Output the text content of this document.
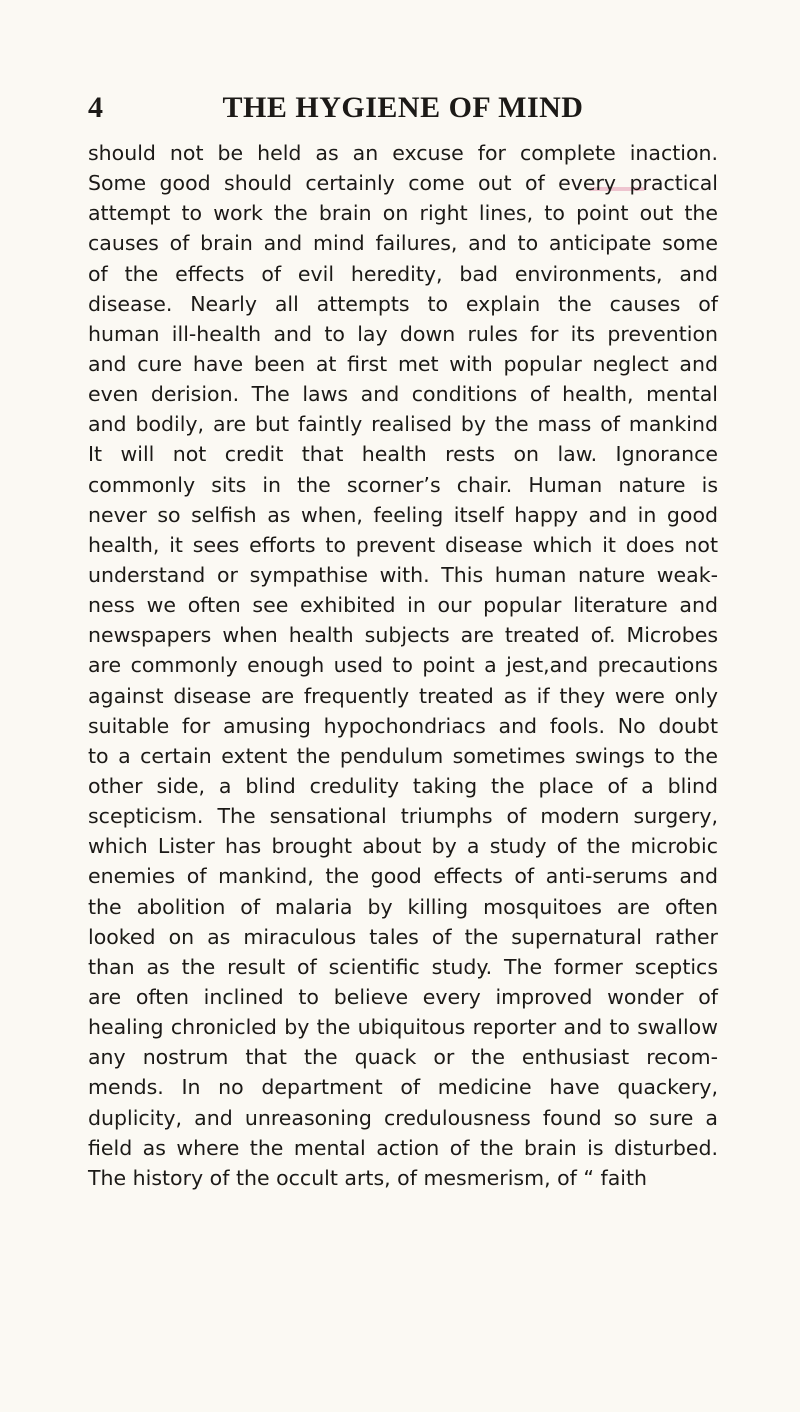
4	THE HYGIENE OF MIND
should not be held as an excuse for complete inaction.
Some good should certainly come out of every practical
attempt to work the brain on right lines, to point out the
causes of brain and mind failures, and to anticipate some
of the effects of evil heredity, bad environments, and
disease. Nearly all attempts to explain the causes of
human ill-health and to lay down rules for its prevention
and cure have been at first met with popular neglect and
even derision. The laws and conditions of health, mental
and bodily, are but faintly realised by the mass of mankind
It will not credit that health rests on law. Ignorance
commonly sits in the scorner’s chair. Human nature is
never so selfish as when, feeling itself happy and in good
health, it sees efforts to prevent disease which it does not
understand or sympathise with. This human nature weak-
ness we often see exhibited in our popular literature and
newspapers when health subjects are treated of. Microbes
are commonly enough used to point a jest,and precautions
against disease are frequently treated as if they were only
suitable for amusing hypochondriacs and fools. No doubt
to a certain extent the pendulum sometimes swings to the
other side, a blind credulity taking the place of a blind
scepticism. The sensational triumphs of modern surgery,
which Lister has brought about by a study of the microbic
enemies of mankind, the good effects of anti-serums and
the abolition of malaria by killing mosquitoes are often
looked on as miraculous tales of the supernatural rather
than as the result of scientific study. The former sceptics
are often inclined to believe every improved wonder of
healing chronicled by the ubiquitous reporter and to swallow
any nostrum that the quack or the enthusiast recom-
mends. In no department of medicine have quackery,
duplicity, and unreasoning credulousness found so sure a
field as where the mental action of the brain is disturbed.
The history of the occult arts, of mesmerism, of “ faith
